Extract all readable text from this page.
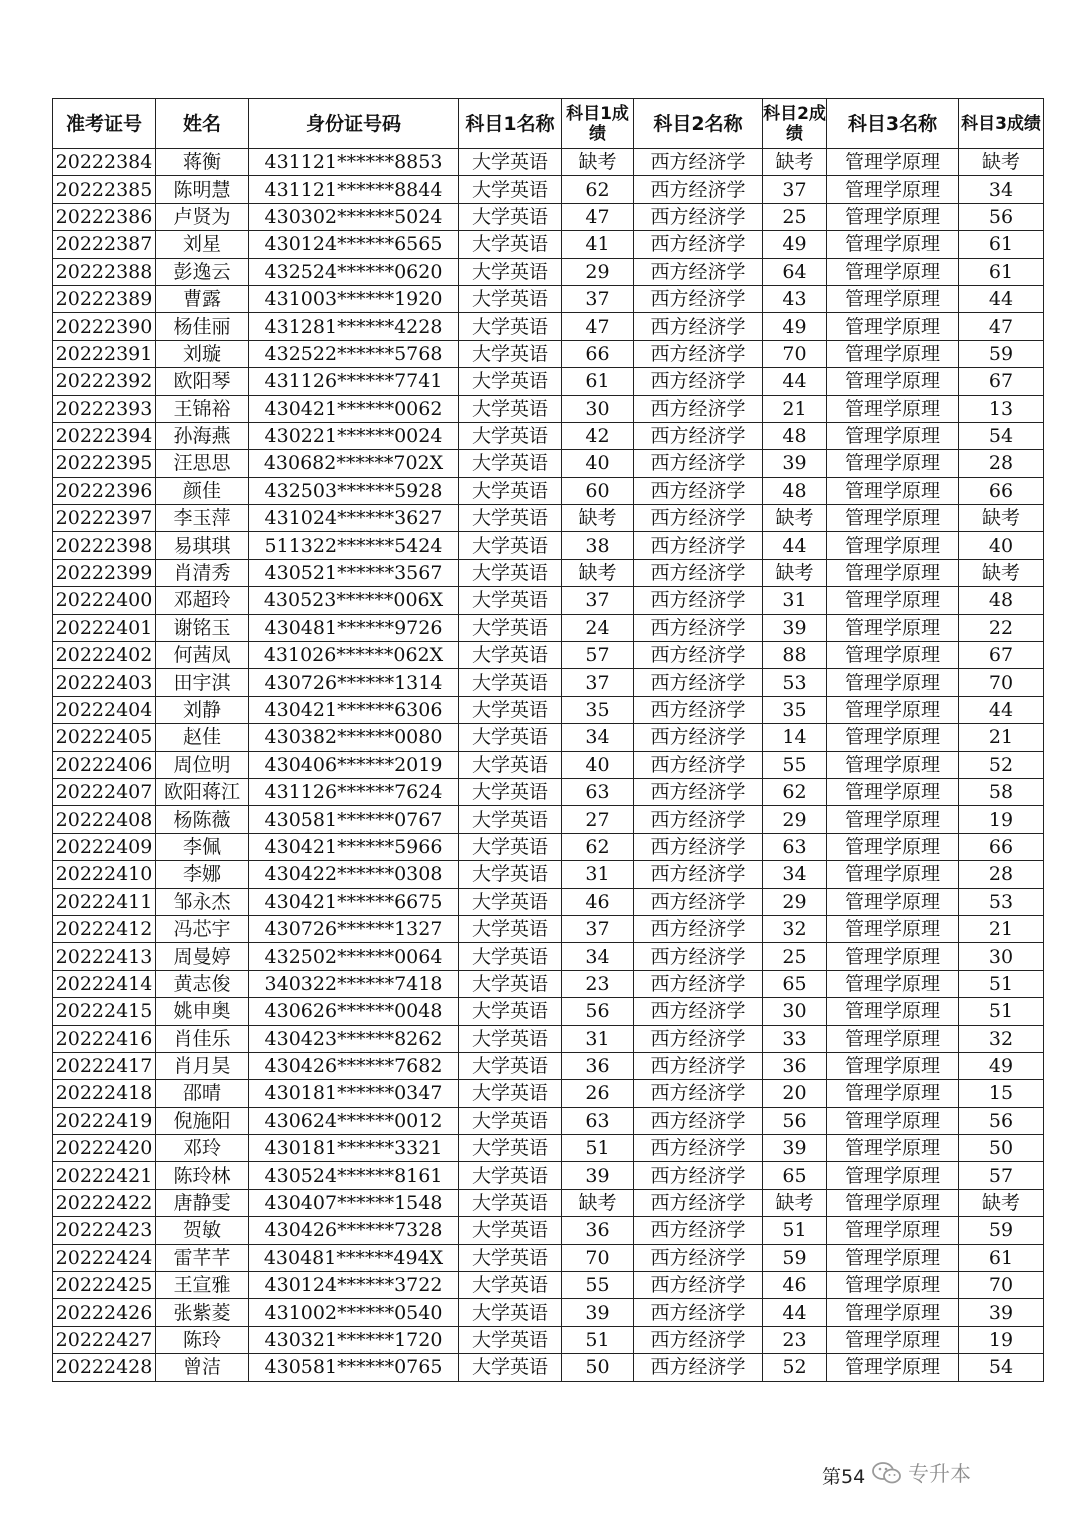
准考证号	姓名	身份证号码	科目1名称	科目1成绩	科目2名称	科目2成绩	科目3名称	科目3成绩
20222384	蒋衡	431121******8853	大学英语	缺考	西方经济学	缺考	管理学原理	缺考
20222385	陈明慧	431121******8844	大学英语	62	西方经济学	37	管理学原理	34
20222386	卢贤为	430302******5024	大学英语	47	西方经济学	25	管理学原理	56
20222387	刘星	430124******6565	大学英语	41	西方经济学	49	管理学原理	61
20222388	彭逸云	432524******0620	大学英语	29	西方经济学	64	管理学原理	61
20222389	曹露	431003******1920	大学英语	37	西方经济学	43	管理学原理	44
20222390	杨佳丽	431281******4228	大学英语	47	西方经济学	49	管理学原理	47
20222391	刘璇	432522******5768	大学英语	66	西方经济学	70	管理学原理	59
20222392	欧阳琴	431126******7741	大学英语	61	西方经济学	44	管理学原理	67
20222393	王锦裕	430421******0062	大学英语	30	西方经济学	21	管理学原理	13
20222394	孙海燕	430221******0024	大学英语	42	西方经济学	48	管理学原理	54
20222395	汪思思	430682******702X	大学英语	40	西方经济学	39	管理学原理	28
20222396	颜佳	432503******5928	大学英语	60	西方经济学	48	管理学原理	66
20222397	李玉萍	431024******3627	大学英语	缺考	西方经济学	缺考	管理学原理	缺考
20222398	易琪琪	511322******5424	大学英语	38	西方经济学	44	管理学原理	40
20222399	肖清秀	430521******3567	大学英语	缺考	西方经济学	缺考	管理学原理	缺考
20222400	邓超玲	430523******006X	大学英语	37	西方经济学	31	管理学原理	48
20222401	谢铭玉	430481******9726	大学英语	24	西方经济学	39	管理学原理	22
20222402	何茜凤	431026******062X	大学英语	57	西方经济学	88	管理学原理	67
20222403	田宇淇	430726******1314	大学英语	37	西方经济学	53	管理学原理	70
20222404	刘静	430421******6306	大学英语	35	西方经济学	35	管理学原理	44
20222405	赵佳	430382******0080	大学英语	34	西方经济学	14	管理学原理	21
20222406	周位明	430406******2019	大学英语	40	西方经济学	55	管理学原理	52
20222407	欧阳蒋江	431126******7624	大学英语	63	西方经济学	62	管理学原理	58
20222408	杨陈薇	430581******0767	大学英语	27	西方经济学	29	管理学原理	19
20222409	李佩	430421******5966	大学英语	62	西方经济学	63	管理学原理	66
20222410	李娜	430422******0308	大学英语	31	西方经济学	34	管理学原理	28
20222411	邹永杰	430421******6675	大学英语	46	西方经济学	29	管理学原理	53
20222412	冯芯宇	430726******1327	大学英语	37	西方经济学	32	管理学原理	21
20222413	周曼婷	432502******0064	大学英语	34	西方经济学	25	管理学原理	30
20222414	黄志俊	340322******7418	大学英语	23	西方经济学	65	管理学原理	51
20222415	姚申奥	430626******0048	大学英语	56	西方经济学	30	管理学原理	51
20222416	肖佳乐	430423******8262	大学英语	31	西方经济学	33	管理学原理	32
20222417	肖月昊	430426******7682	大学英语	36	西方经济学	36	管理学原理	49
20222418	邵晴	430181******0347	大学英语	26	西方经济学	20	管理学原理	15
20222419	倪施阳	430624******0012	大学英语	63	西方经济学	56	管理学原理	56
20222420	邓玲	430181******3321	大学英语	51	西方经济学	39	管理学原理	50
20222421	陈玲林	430524******8161	大学英语	39	西方经济学	65	管理学原理	57
20222422	唐静雯	430407******1548	大学英语	缺考	西方经济学	缺考	管理学原理	缺考
20222423	贺敏	430426******7328	大学英语	36	西方经济学	51	管理学原理	59
20222424	雷芊芊	430481******494X	大学英语	70	西方经济学	59	管理学原理	61
20222425	王宣雅	430124******3722	大学英语	55	西方经济学	46	管理学原理	70
20222426	张紫菱	431002******0540	大学英语	39	西方经济学	44	管理学原理	39
20222427	陈玲	430321******1720	大学英语	51	西方经济学	23	管理学原理	19
20222428	曾洁	430581******0765	大学英语	50	西方经济学	52	管理学原理	54
第54 专升本
